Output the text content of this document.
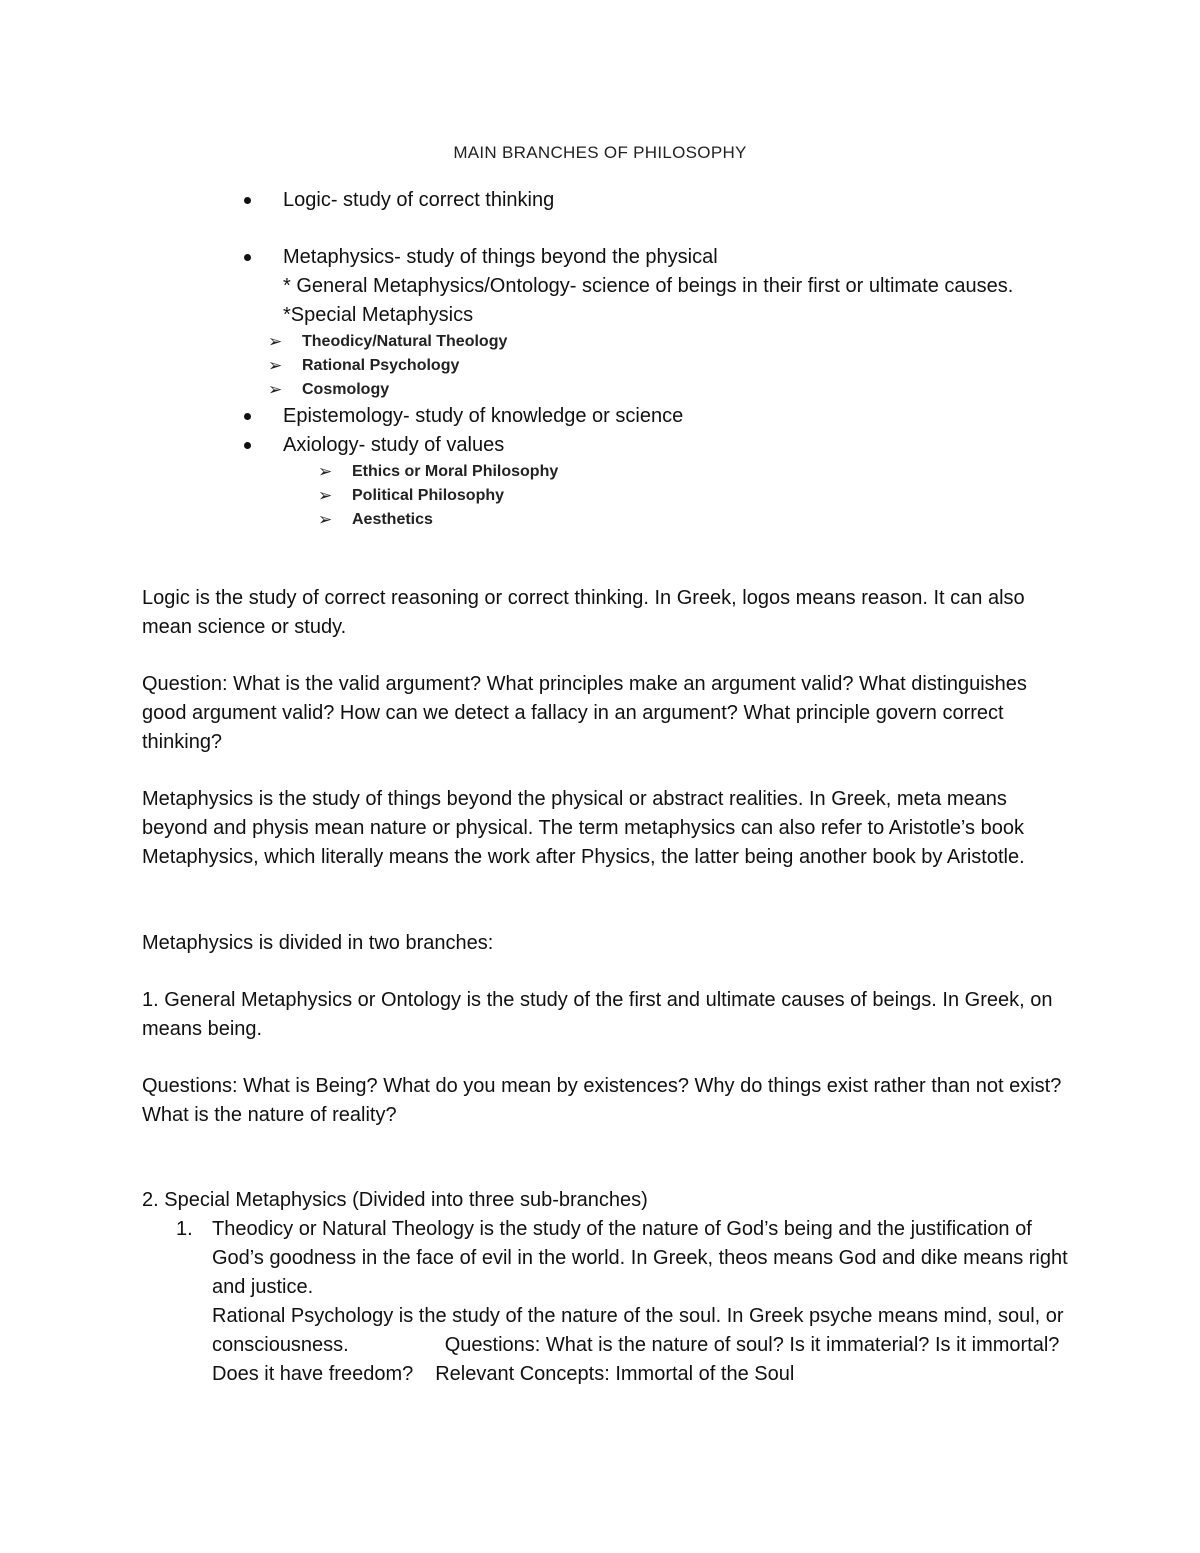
MAIN BRANCHES OF PHILOSOPHY
Logic- study of correct thinking
Metaphysics- study of things beyond the physical
* General Metaphysics/Ontology- science of beings in their first or ultimate causes.
*Special Metaphysics
➢ Theodicy/Natural Theology
➢ Rational Psychology
➢ Cosmology
Epistemology- study of knowledge or science
Axiology- study of values
➢ Ethics or Moral Philosophy
➢ Political Philosophy
➢ Aesthetics

Logic is the study of correct reasoning or correct thinking. In Greek, logos means reason. It can also mean science or study.

Question: What is the valid argument? What principles make an argument valid? What distinguishes good argument valid? How can we detect a fallacy in an argument? What principle govern correct thinking?

Metaphysics is the study of things beyond the physical or abstract realities. In Greek, meta means beyond and physis mean nature or physical. The term metaphysics can also refer to Aristotle’s book Metaphysics, which literally means the work after Physics, the latter being another book by Aristotle.

Metaphysics is divided in two branches:

1. General Metaphysics or Ontology is the study of the first and ultimate causes of beings. In Greek, on means being.

Questions: What is Being? What do you mean by existences? Why do things exist rather than not exist? What is the nature of reality?

2. Special Metaphysics (Divided into three sub-branches)

1. Theodicy or Natural Theology is the study of the nature of God’s being and the justification of God’s goodness in the face of evil in the world. In Greek, theos means God and dike means right and justice.
Rational Psychology is the study of the nature of the soul. In Greek psyche means mind, soul, or consciousness.	Questions: What is the nature of soul? Is it immaterial? Is it immortal? Does it have freedom? Relevant Concepts: Immortal of the Soul
